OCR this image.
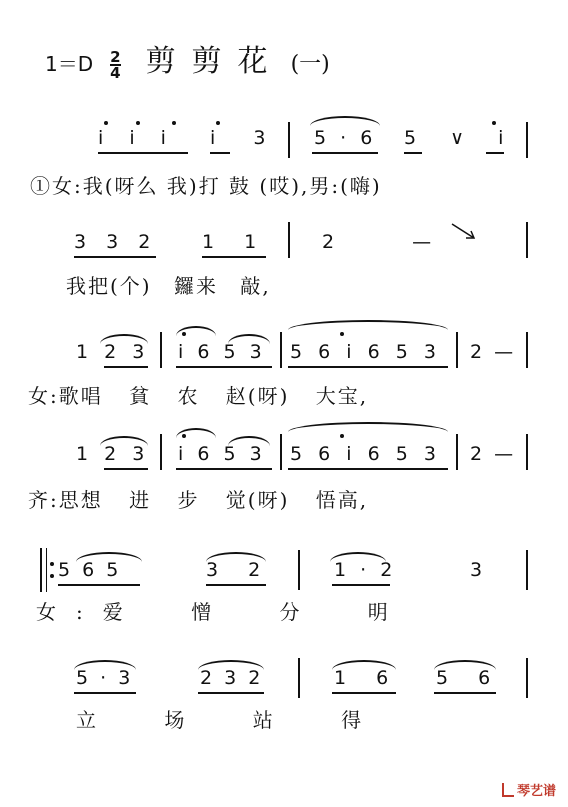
$1=D \frac{2}{4}$ 剪剪花 (一)
i i i i 3	5 · 6 5 ∨ i
①女:我(呀么 我)打 鼓 (哎),男:(嗨)
3 3 2	1 1	2 —
我把(个) 鑼来 敲,
1 2 3 i 6 5 3 5 6 i 6 5 3 2 —
女:歌唱 貧 农 赵(呀) 大宝,
1 2 3 i 6 5 3 5 6 i 6 5 3 2 —
齐:思想 进 步 觉(呀) 悟高,
5 6 5	3 2	1 · 2	3
女:爱 憎 分 明
5 · 3	2 3 2	1 6 5 6
立 场 站 得
琴艺谱
